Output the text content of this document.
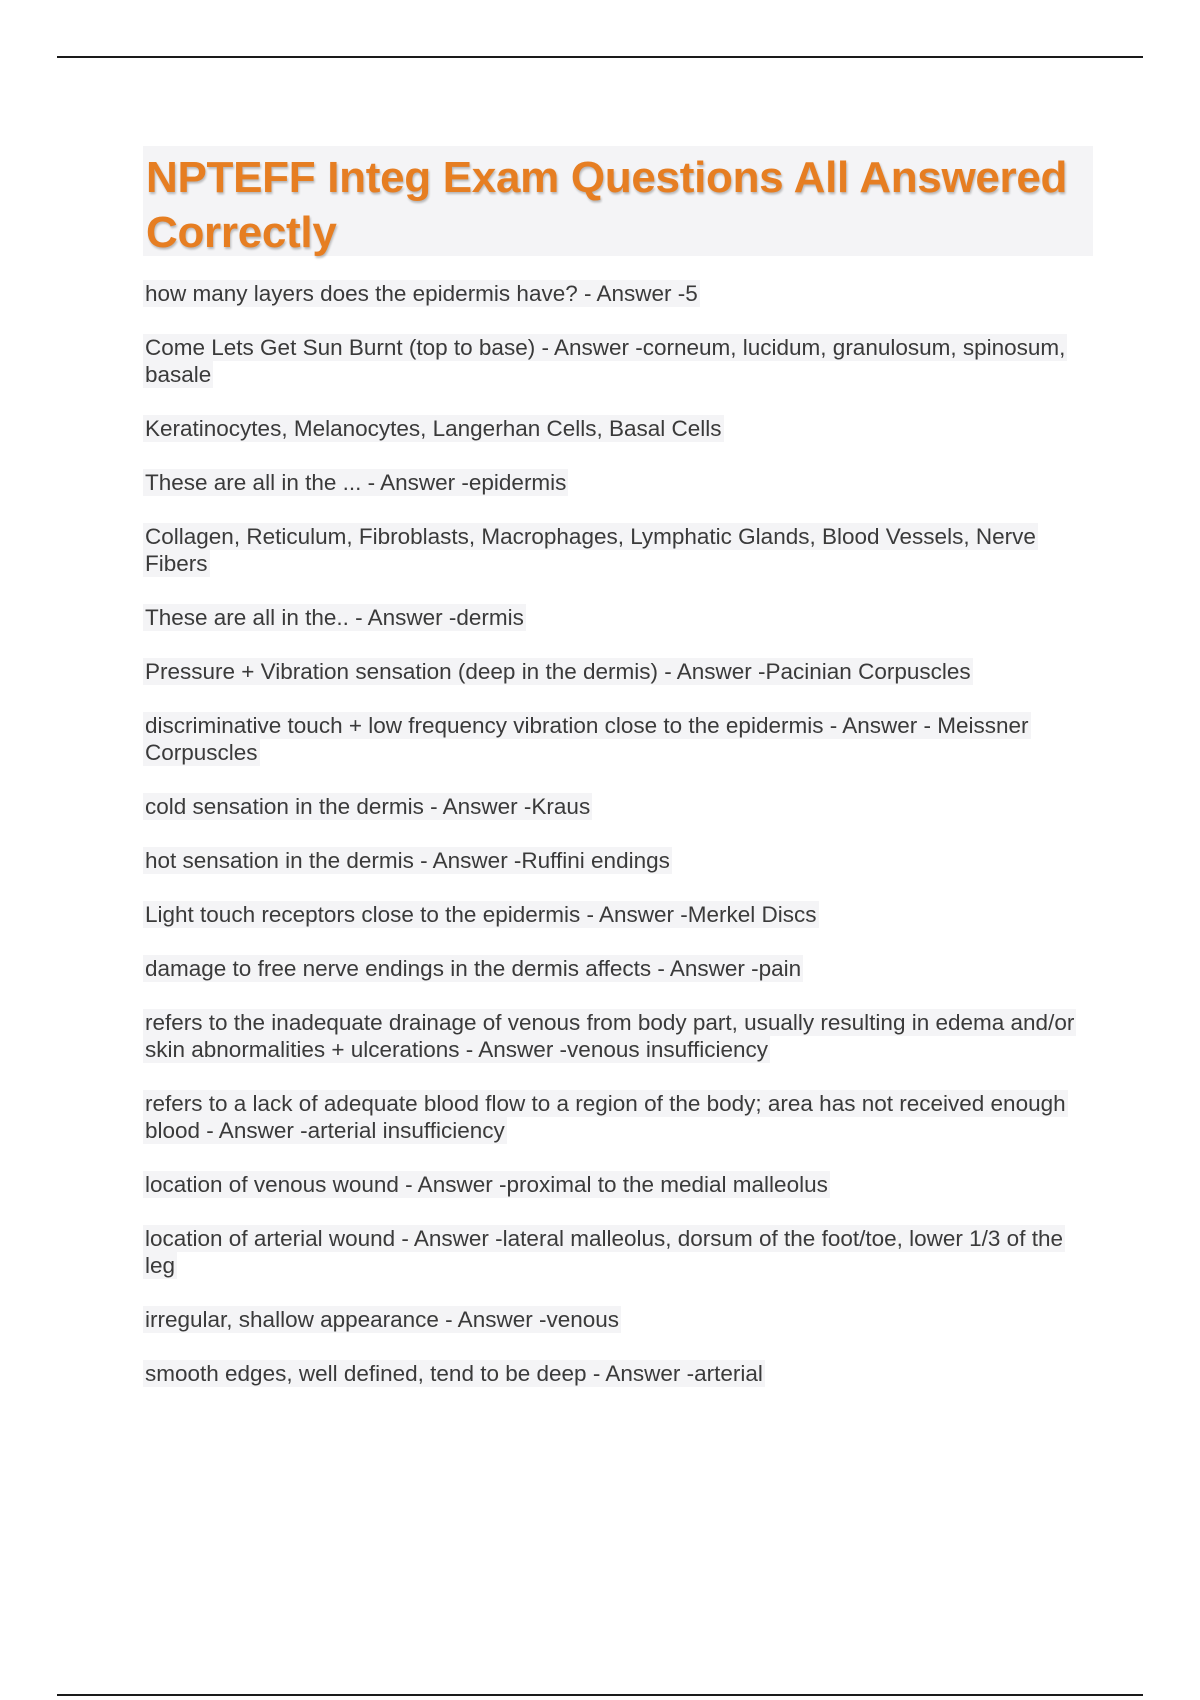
NPTEFF Integ Exam Questions All Answered Correctly
how many layers does the epidermis have? - Answer -5
Come Lets Get Sun Burnt (top to base) - Answer -corneum, lucidum, granulosum, spinosum, basale
Keratinocytes, Melanocytes, Langerhan Cells, Basal Cells
These are all in the ... - Answer -epidermis
Collagen, Reticulum, Fibroblasts, Macrophages, Lymphatic Glands, Blood Vessels, Nerve Fibers
These are all in the.. - Answer -dermis
Pressure + Vibration sensation (deep in the dermis) - Answer -Pacinian Corpuscles
discriminative touch + low frequency vibration close to the epidermis - Answer - Meissner Corpuscles
cold sensation in the dermis - Answer -Kraus
hot sensation in the dermis - Answer -Ruffini endings
Light touch receptors close to the epidermis - Answer -Merkel Discs
damage to free nerve endings in the dermis affects - Answer -pain
refers to the inadequate drainage of venous from body part, usually resulting in edema and/or skin abnormalities + ulcerations - Answer -venous insufficiency
refers to a lack of adequate blood flow to a region of the body; area has not received enough blood - Answer -arterial insufficiency
location of venous wound - Answer -proximal to the medial malleolus
location of arterial wound - Answer -lateral malleolus, dorsum of the foot/toe, lower 1/3 of the leg
irregular, shallow appearance - Answer -venous
smooth edges, well defined, tend to be deep - Answer -arterial
